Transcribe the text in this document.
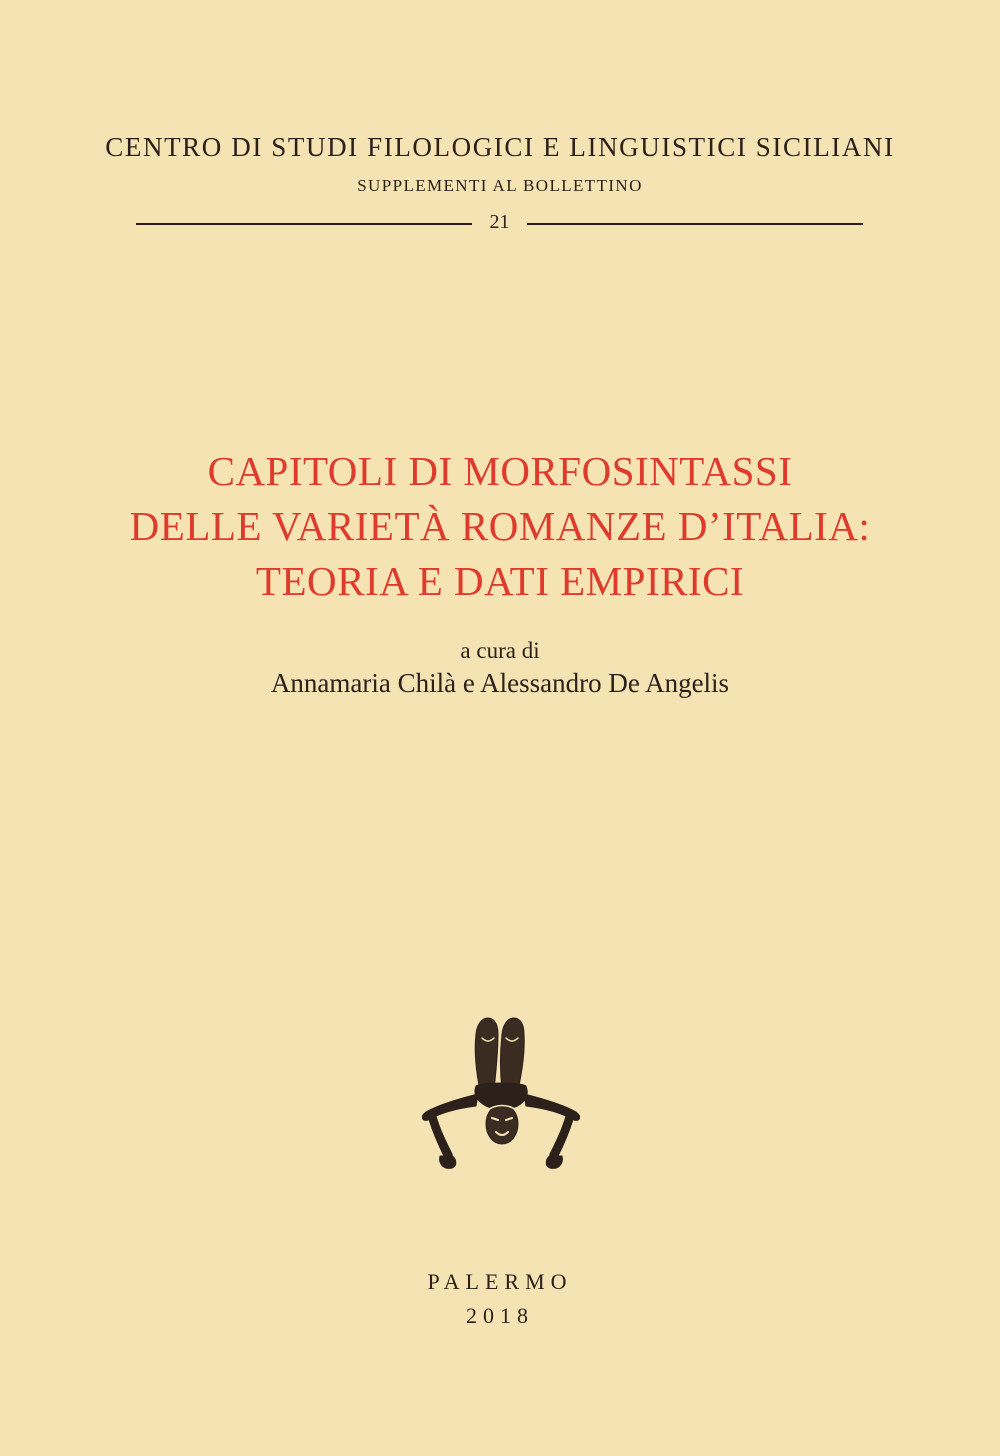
CENTRO DI STUDI FILOLOGICI E LINGUISTICI SICILIANI
SUPPLEMENTI AL BOLLETTINO
21
CAPITOLI DI MORFOSINTASSI
DELLE VARIETÀ ROMANZE D’ITALIA:
TEORIA E DATI EMPIRICI
a cura di
Annamaria Chilà e Alessandro De Angelis
PALERMO
2018
